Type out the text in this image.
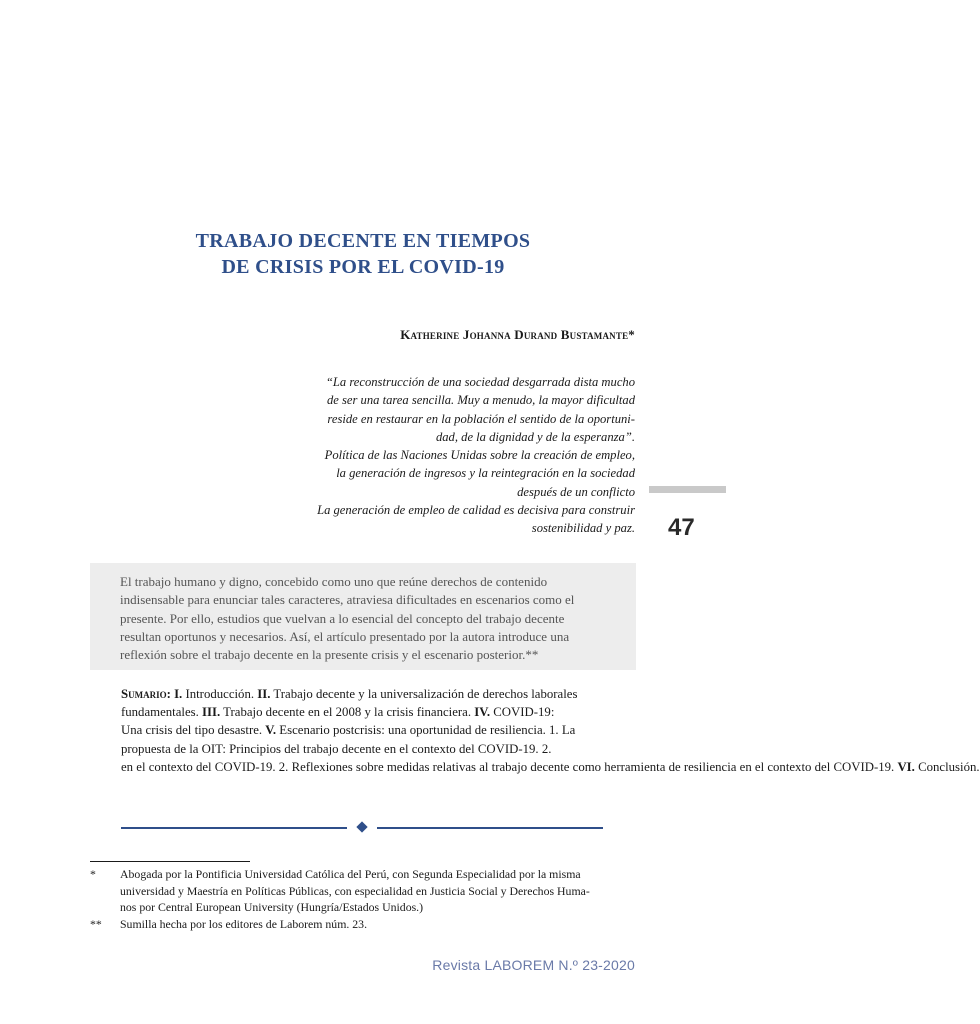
TRABAJO DECENTE EN TIEMPOS
DE CRISIS POR EL COVID-19
Katherine Johanna Durand Bustamante*
“La reconstrucción de una sociedad desgarrada dista mucho
de ser una tarea sencilla. Muy a menudo, la mayor dificultad
reside en restaurar en la población el sentido de la oportuni-
dad, de la dignidad y de la esperanza”.
Política de las Naciones Unidas sobre la creación de empleo,
la generación de ingresos y la reintegración en la sociedad
después de un conflicto
La generación de empleo de calidad es decisiva para construir
sostenibilidad y paz. 47
El trabajo humano y digno, concebido como uno que reúne derechos de contenido
indisensable para enunciar tales caracteres, atraviesa dificultades en escenarios como el
presente. Por ello, estudios que vuelvan a lo esencial del concepto del trabajo decente
resultan oportunos y necesarios. Así, el artículo presentado por la autora introduce una
reflexión sobre el trabajo decente en la presente crisis y el escenario posterior.**
Sumario: I. Introducción. II. Trabajo decente y la universalización de derechos laborales
fundamentales. III. Trabajo decente en el 2008 y la crisis financiera. IV. COVID-19:
Una crisis del tipo desastre. V. Escenario postcrisis: una oportunidad de resiliencia. 1. La
propuesta de la OIT: Principios del trabajo decente en el contexto del COVID-19. 2.
en el contexto del COVID-19. 2. Reflexiones sobre medidas relativas al trabajo decente como herramienta de resiliencia en el contexto del COVID-19. VI. Conclusión.
* Abogada por la Pontificia Universidad Católica del Perú, con Segunda Especialidad por la misma
universidad y Maestría en Políticas Públicas, con especialidad en Justicia Social y Derechos Huma-
nos por Central European University (Hungría/Estados Unidos.)
** Sumilla hecha por los editores de Laborem núm. 23.
Revista LABOREM N.º 23-2020
